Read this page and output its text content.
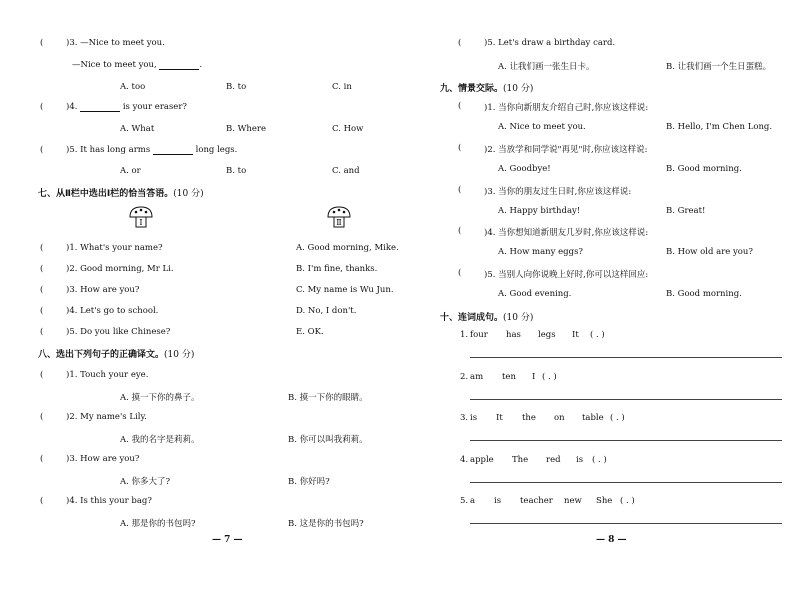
(	)3. —Nice to meet you.
—Nice to meet you,	.
A. too	B. to	C. in
(	)4.	is your eraser?
A. What	B. Where	C. How
(	)5. It has long arms	long legs.
A. or	B. to	C. and
七、从Ⅱ栏中选出Ⅰ栏的恰当答语。(10 分)
Ⅰ	Ⅱ
(	)1. What's your name?	A. Good morning, Mike.
(	)2. Good morning, Mr Li.	B. I'm fine, thanks.
(	)3. How are you?	C. My name is Wu Jun.
(	)4. Let's go to school.	D. No, I don't.
(	)5. Do you like Chinese?	E. OK.
八、选出下列句子的正确译文。(10 分)
(	)1. Touch your eye.
A. 摸一下你的鼻子。	B. 摸一下你的眼睛。
(	)2. My name's Lily.
A. 我的名字是莉莉。	B. 你可以叫我莉莉。
(	)3. How are you?
A. 你多大了?	B. 你好吗?
(	)4. Is this your bag?
A. 那是你的书包吗?	B. 这是你的书包吗?
— 7 —
(	)5. Let's draw a birthday card.
A. 让我们画一张生日卡。	B. 让我们画一个生日蛋糕。
九、情景交际。(10 分)
(	)1. 当你向新朋友介绍自己时,你应该这样说:
A. Nice to meet you.	B. Hello, I'm Chen Long.
(	)2. 当放学和同学说"再见"时,你应该这样说:
A. Goodbye!	B. Good morning.
(	)3. 当你的朋友过生日时,你应该这样说:
A. Happy birthday!	B. Great!
(	)4. 当你想知道新朋友几岁时,你应该这样说:
A. How many eggs?	B. How old are you?
(	)5. 当别人向你说晚上好时,你可以这样回应:
A. Good evening.	B. Good morning.
十、连词成句。(10 分)
1. four has legs It ( . )
2. am ten I ( . )
3. is It the on table ( . )
4. apple The red is ( . )
5. a is teacher new She ( . )
— 8 —
